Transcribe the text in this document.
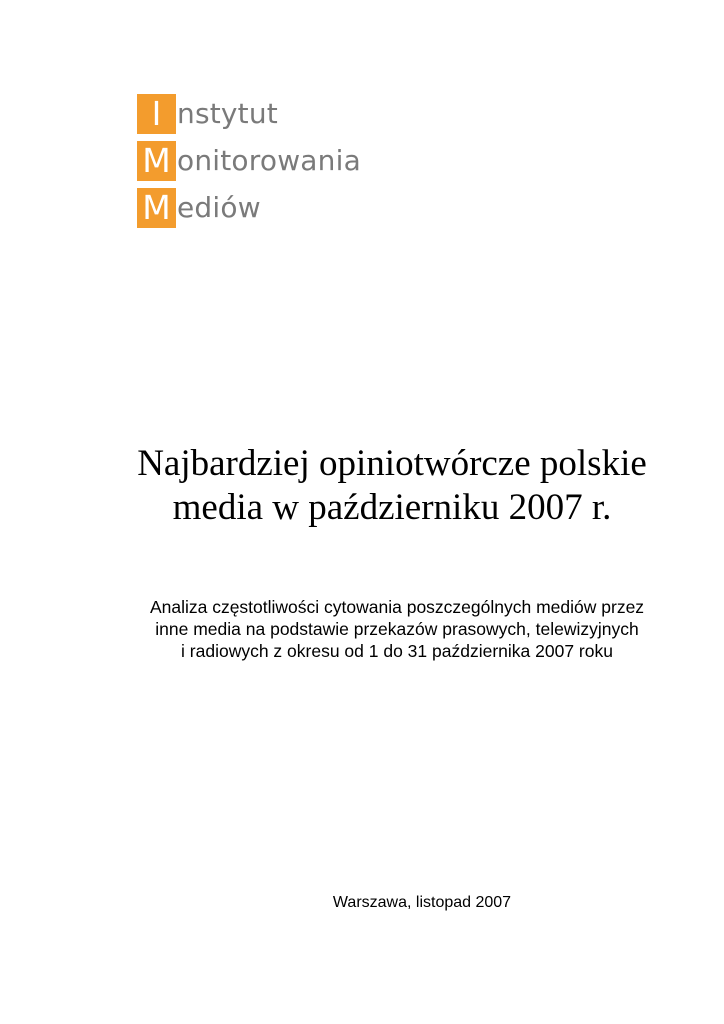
I nstytut
M onitorowania
M ediów
Najbardziej opiniotwórcze polskie
media w październiku 2007 r.
Analiza częstotliwości cytowania poszczególnych mediów przez
inne media na podstawie przekazów prasowych, telewizyjnych
i radiowych z okresu od 1 do 31 października 2007 roku
Warszawa, listopad 2007
